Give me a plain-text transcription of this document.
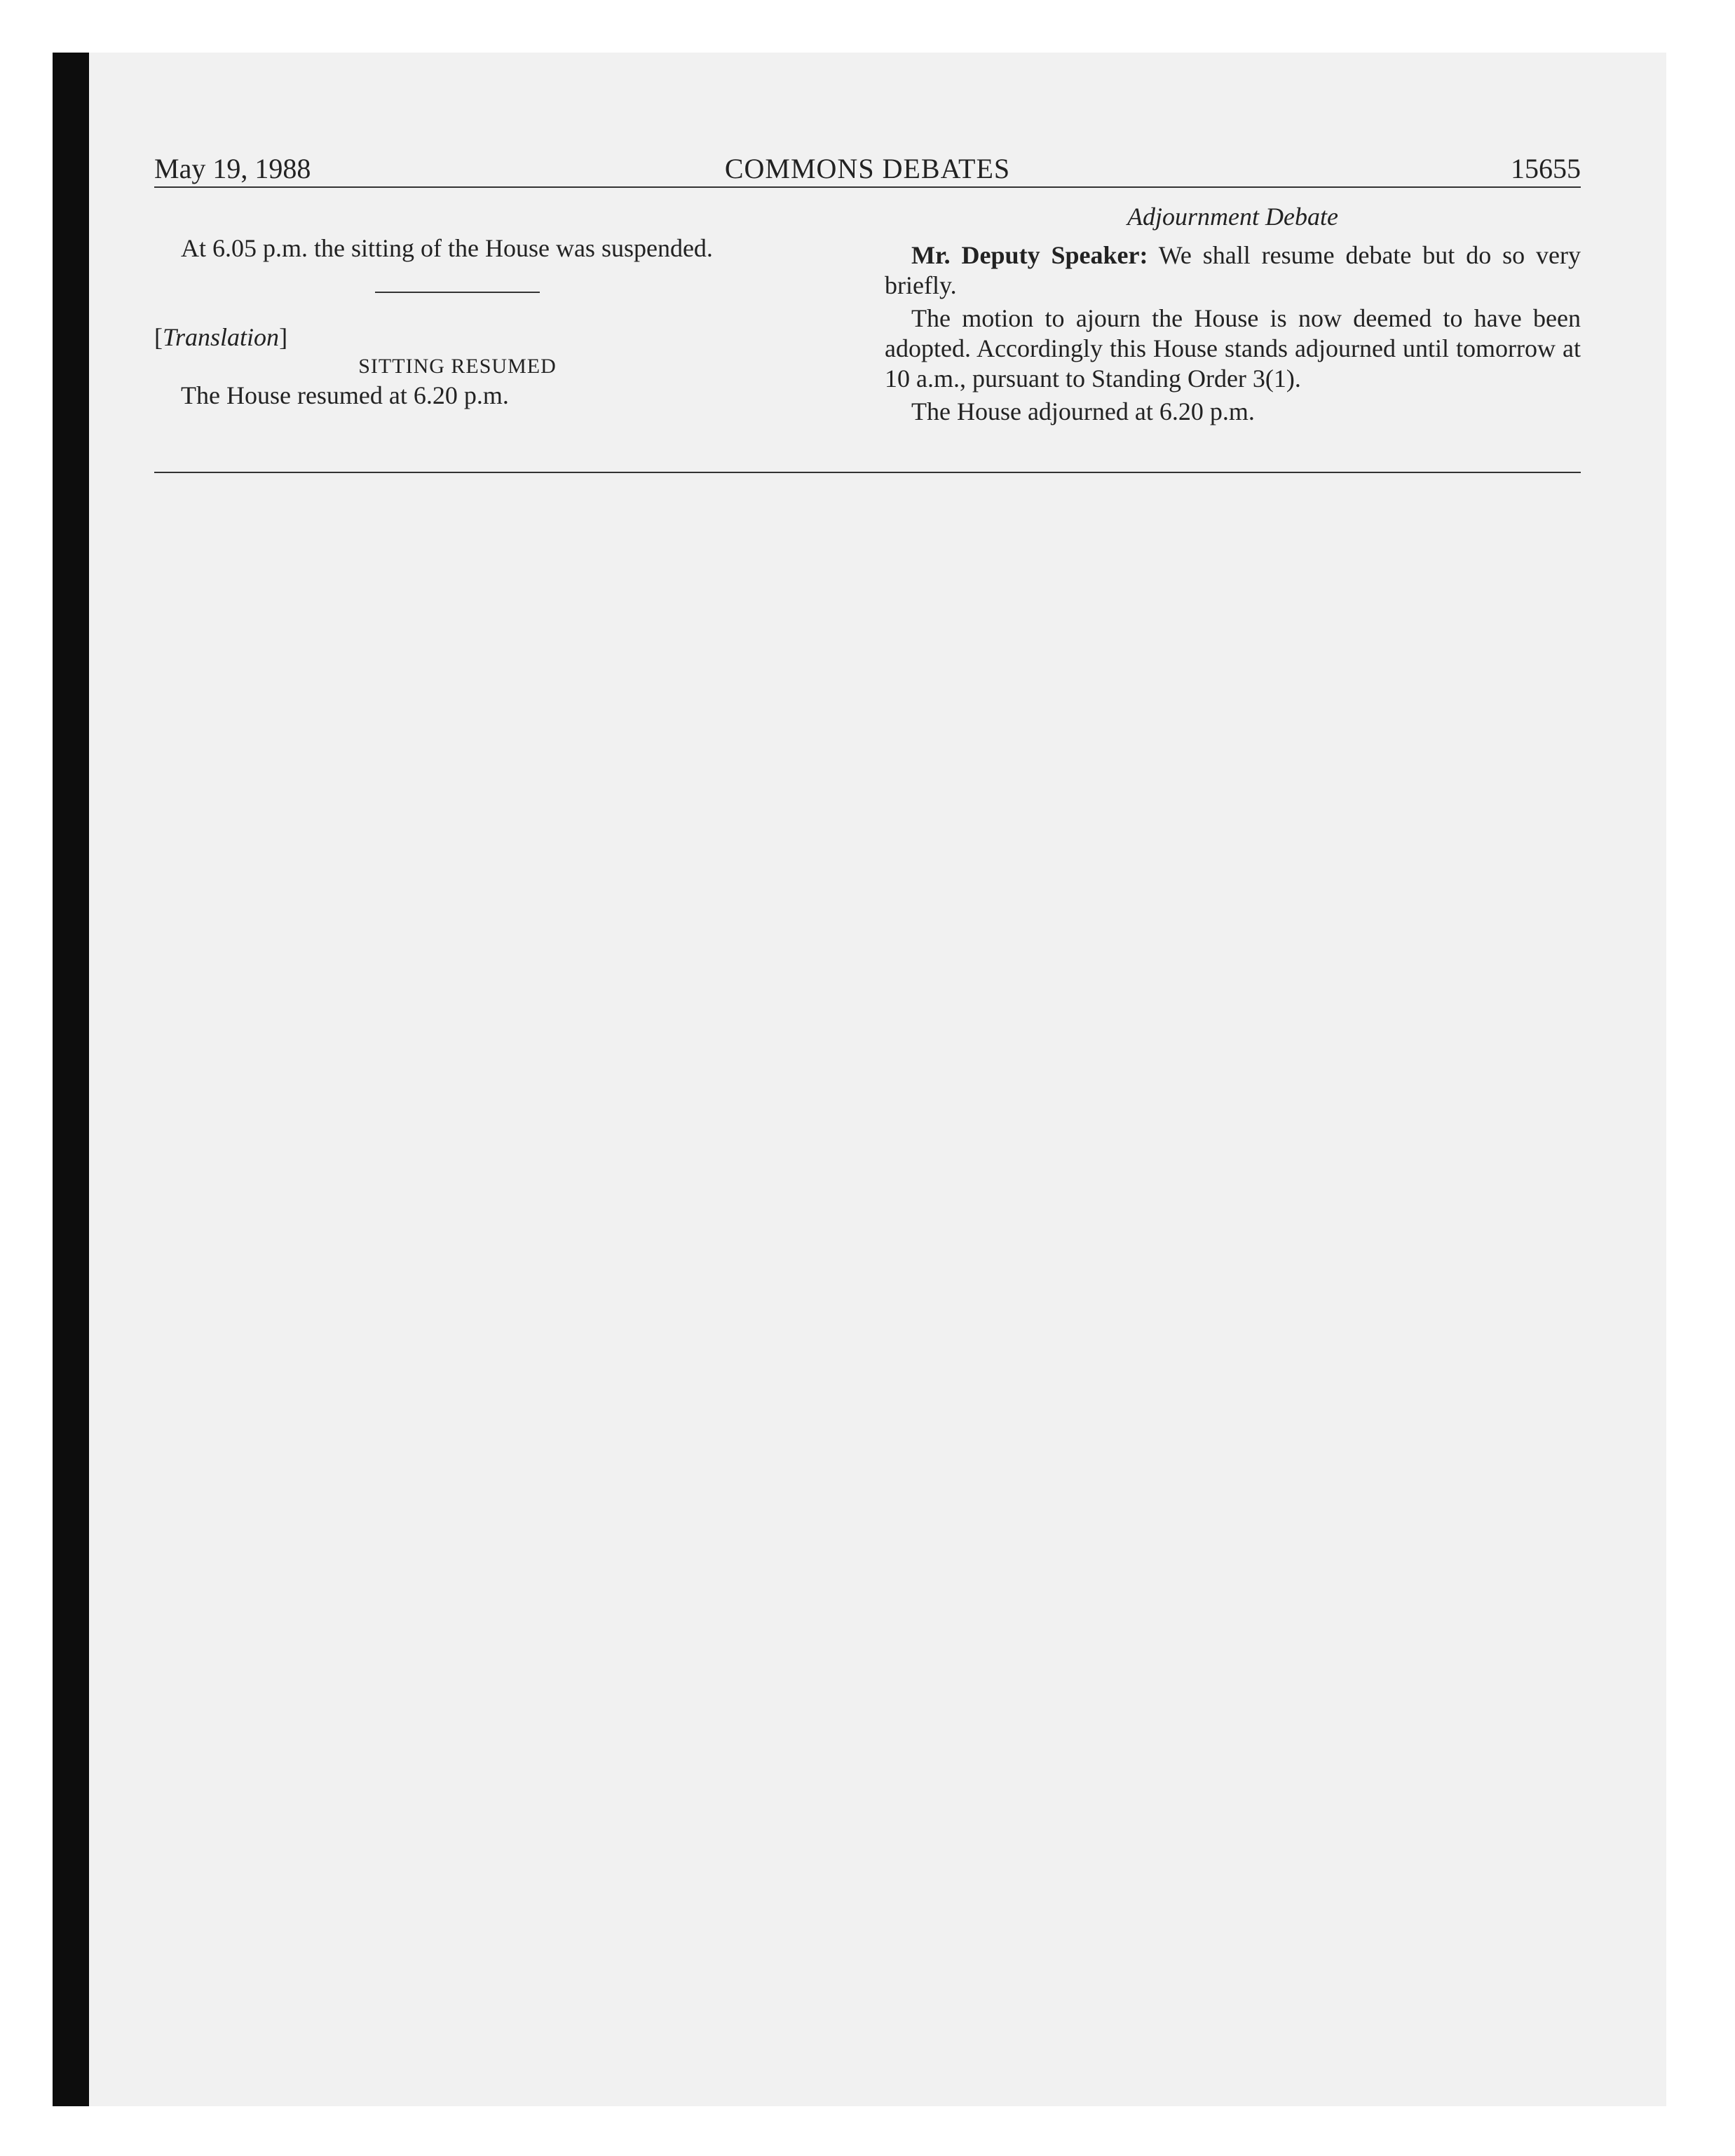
May 19, 1988	COMMONS DEBATES	15655

At 6.05 p.m. the sitting of the House was suspended.

[Translation]
SITTING RESUMED

The House resumed at 6.20 p.m.

Adjournment Debate

Mr. Deputy Speaker: We shall resume debate but do so very briefly.

The motion to ajourn the House is now deemed to have been adopted. Accordingly this House stands adjourned until tomorrow at 10 a.m., pursuant to Standing Order 3(1).

The House adjourned at 6.20 p.m.
